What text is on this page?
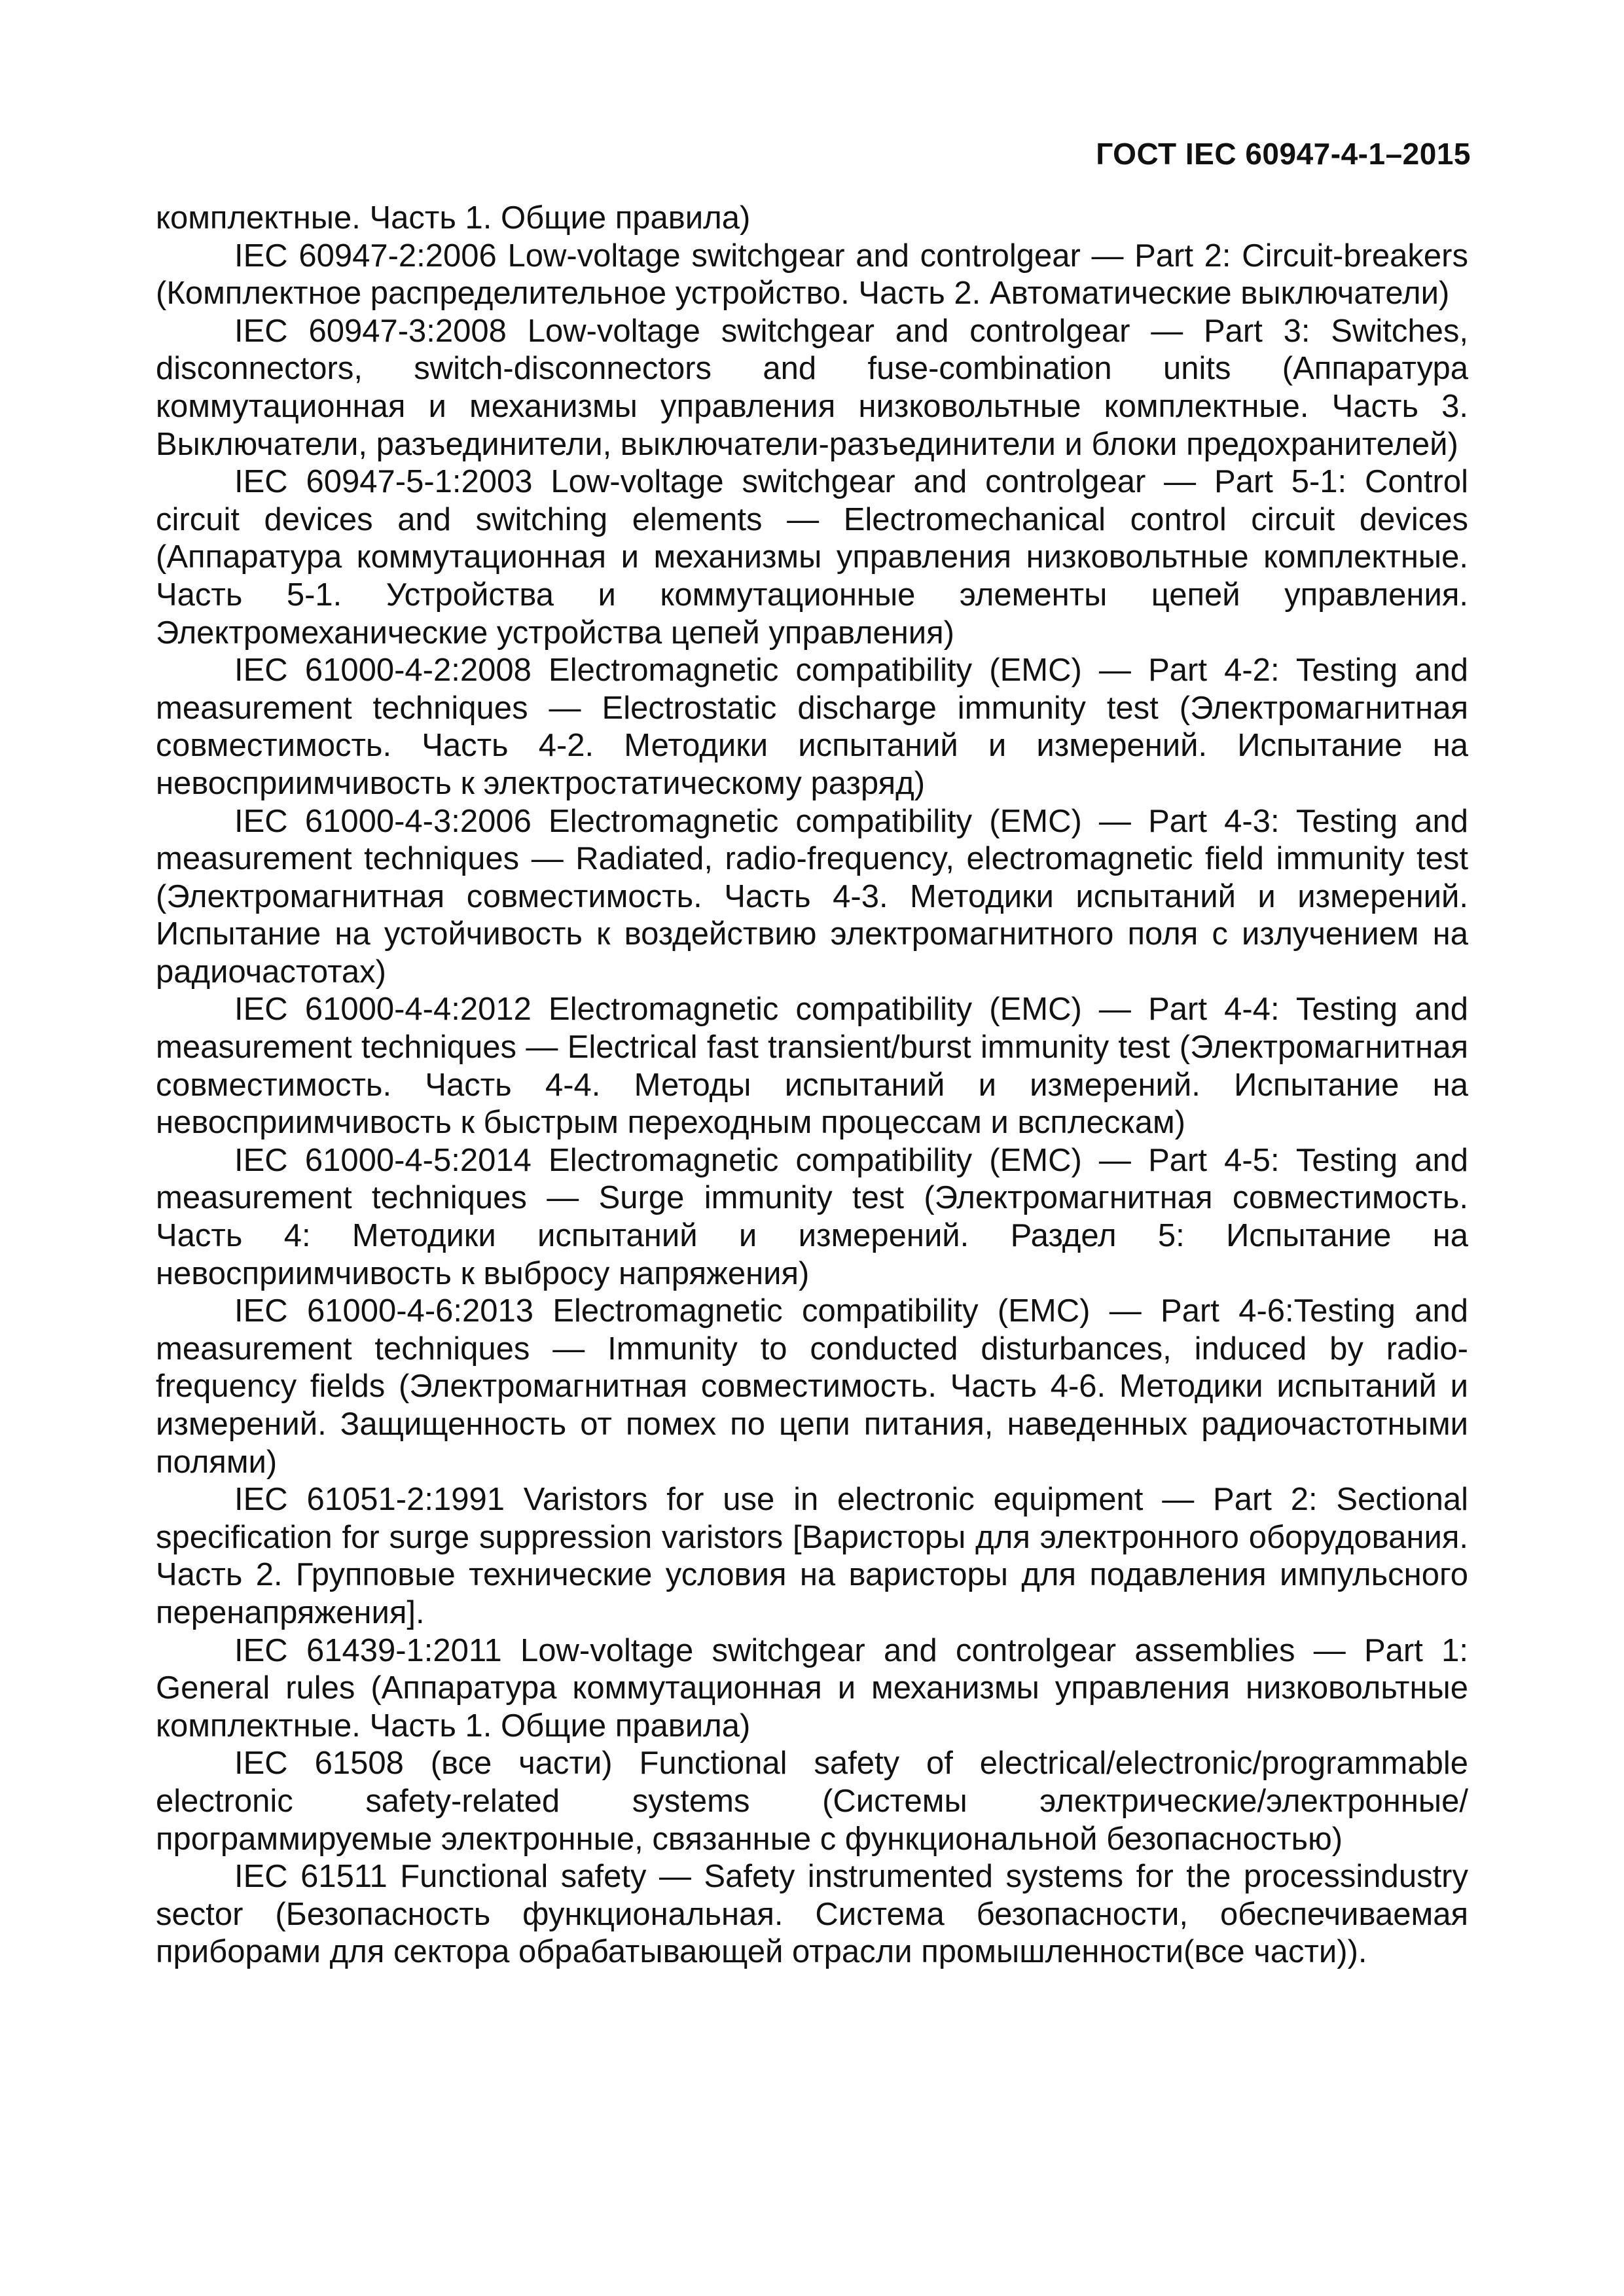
ГОСТ IEC 60947-4-1–2015

комплектные. Часть 1. Общие правила)

IEC 60947-2:2006 Low-voltage switchgear and controlgear — Part 2: Circuit-breakers (Комплектное распределительное устройство. Часть 2. Автоматические выключатели)

IEC 60947-3:2008 Low-voltage switchgear and controlgear — Part 3: Switches, disconnectors, switch-disconnectors and fuse-combination units (Аппаратура коммутационная и механизмы управления низковольтные комплектные. Часть 3. Выключатели, разъединители, выключатели-разъединители и блоки предохранителей)

IEC 60947-5-1:2003 Low-voltage switchgear and controlgear — Part 5-1: Control circuit devices and switching elements — Electromechanical control circuit devices (Аппаратура коммутационная и механизмы управления низковольтные комплектные. Часть 5-1. Устройства и коммутационные элементы цепей управления. Электромеханические устройства цепей управления)

IEC 61000-4-2:2008 Electromagnetic compatibility (EMC) — Part 4-2: Testing and measurement techniques — Electrostatic discharge immunity test (Электромагнитная совместимость. Часть 4-2. Методики испытаний и измерений. Испытание на невосприимчивость к электростатическому разряд)

IEC 61000-4-3:2006 Electromagnetic compatibility (EMC) — Part 4-3: Testing and measurement techniques — Radiated, radio-frequency, electromagnetic field immunity test (Электромагнитная совместимость. Часть 4-3. Методики испытаний и измерений. Испытание на устойчивость к воздействию электромагнитного поля с излучением на радиочастотах)

IEC 61000-4-4:2012 Electromagnetic compatibility (EMC) — Part 4-4: Testing and measurement techniques — Electrical fast transient/burst immunity test (Электромагнитная совместимость. Часть 4-4. Методы испытаний и измерений. Испытание на невосприимчивость к быстрым переходным процессам и всплескам)

IEC 61000-4-5:2014 Electromagnetic compatibility (EMC) — Part 4-5: Testing and measurement techniques — Surge immunity test (Электромагнитная совместимость. Часть 4: Методики испытаний и измерений. Раздел 5: Испытание на невосприимчивость к выбросу напряжения)

IEC 61000-4-6:2013 Electromagnetic compatibility (EMC) — Part 4-6:Testing and measurement techniques — Immunity to conducted disturbances, induced by radio-frequency fields (Электромагнитная совместимость. Часть 4-6. Методики испытаний и измерений. Защищенность от помех по цепи питания, наведенных радиочастотными полями)

IEC 61051-2:1991 Varistors for use in electronic equipment — Part 2: Sectional specification for surge suppression varistors [Варисторы для электронного оборудования. Часть 2. Групповые технические условия на варисторы для подавления импульсного перенапряжения].

IEC 61439-1:2011 Low-voltage switchgear and controlgear assemblies — Part 1: General rules (Аппаратура коммутационная и механизмы управления низковольтные комплектные. Часть 1. Общие правила)

IEC 61508 (все части) Functional safety of electrical/electronic/programmable electronic safety-related systems (Системы электрические/электронные/программируемые электронные, связанные с функциональной безопасностью)

IEC 61511 Functional safety — Safety instrumented systems for the processindustry sector (Безопасность функциональная. Система безопасности, обеспечиваемая приборами для сектора обрабатывающей отрасли промышленности(все части)).
